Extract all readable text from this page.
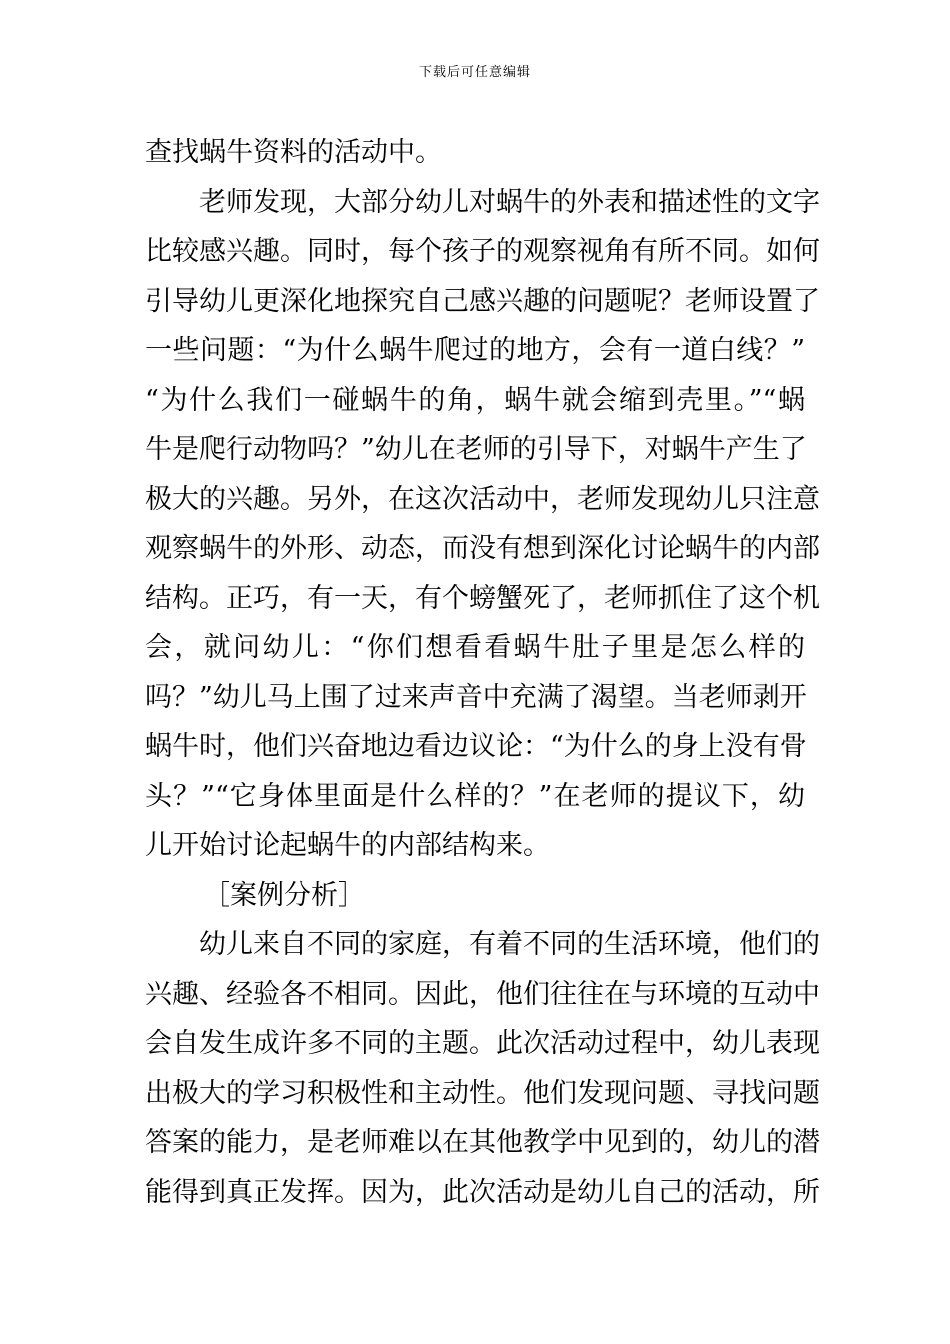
下载后可任意编辑
查找蜗牛资料的活动中。
老师发现，大部分幼儿对蜗牛的外表和描述性的文字
比较感兴趣。同时，每个孩子的观察视角有所不同。如何
引导幼儿更深化地探究自己感兴趣的问题呢？老师设置了
一些问题：“为什么蜗牛爬过的地方，会有一道白线？”
“为什么我们一碰蜗牛的角，蜗牛就会缩到壳里。”“蜗
牛是爬行动物吗？”幼儿在老师的引导下，对蜗牛产生了
极大的兴趣。另外，在这次活动中，老师发现幼儿只注意
观察蜗牛的外形、动态，而没有想到深化讨论蜗牛的内部
结构。正巧，有一天，有个螃蟹死了，老师抓住了这个机
会，就问幼儿：“你们想看看蜗牛肚子里是怎么样的
吗？”幼儿马上围了过来声音中充满了渴望。当老师剥开
蜗牛时，他们兴奋地边看边议论：“为什么的身上没有骨
头？”“它身体里面是什么样的？”在老师的提议下，幼
儿开始讨论起蜗牛的内部结构来。
［案例分析］
幼儿来自不同的家庭，有着不同的生活环境，他们的
兴趣、经验各不相同。因此，他们往往在与环境的互动中
会自发生成许多不同的主题。此次活动过程中，幼儿表现
出极大的学习积极性和主动性。他们发现问题、寻找问题
答案的能力，是老师难以在其他教学中见到的，幼儿的潜
能得到真正发挥。因为，此次活动是幼儿自己的活动，所
